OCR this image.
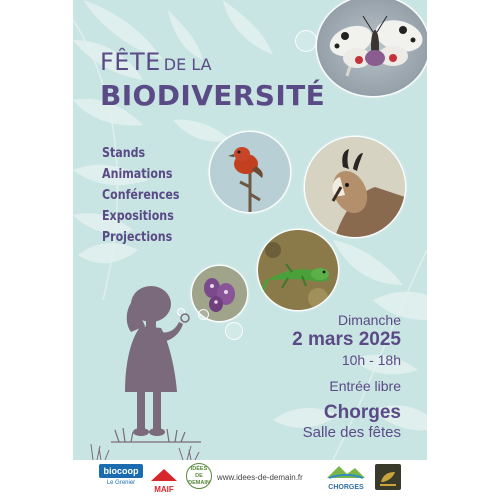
FÊTE DE LA
BIODIVERSITÉ
Stands
Animations
Conférences
Expositions
Projections
Dimanche
2 mars 2025
10h - 18h
Entrée libre
Chorges
Salle des fêtes
biocoop
Le Grenier
MAIF
IDÉES
DE
DEMAIN
www.idees-de-demain.fr
CHORGES
